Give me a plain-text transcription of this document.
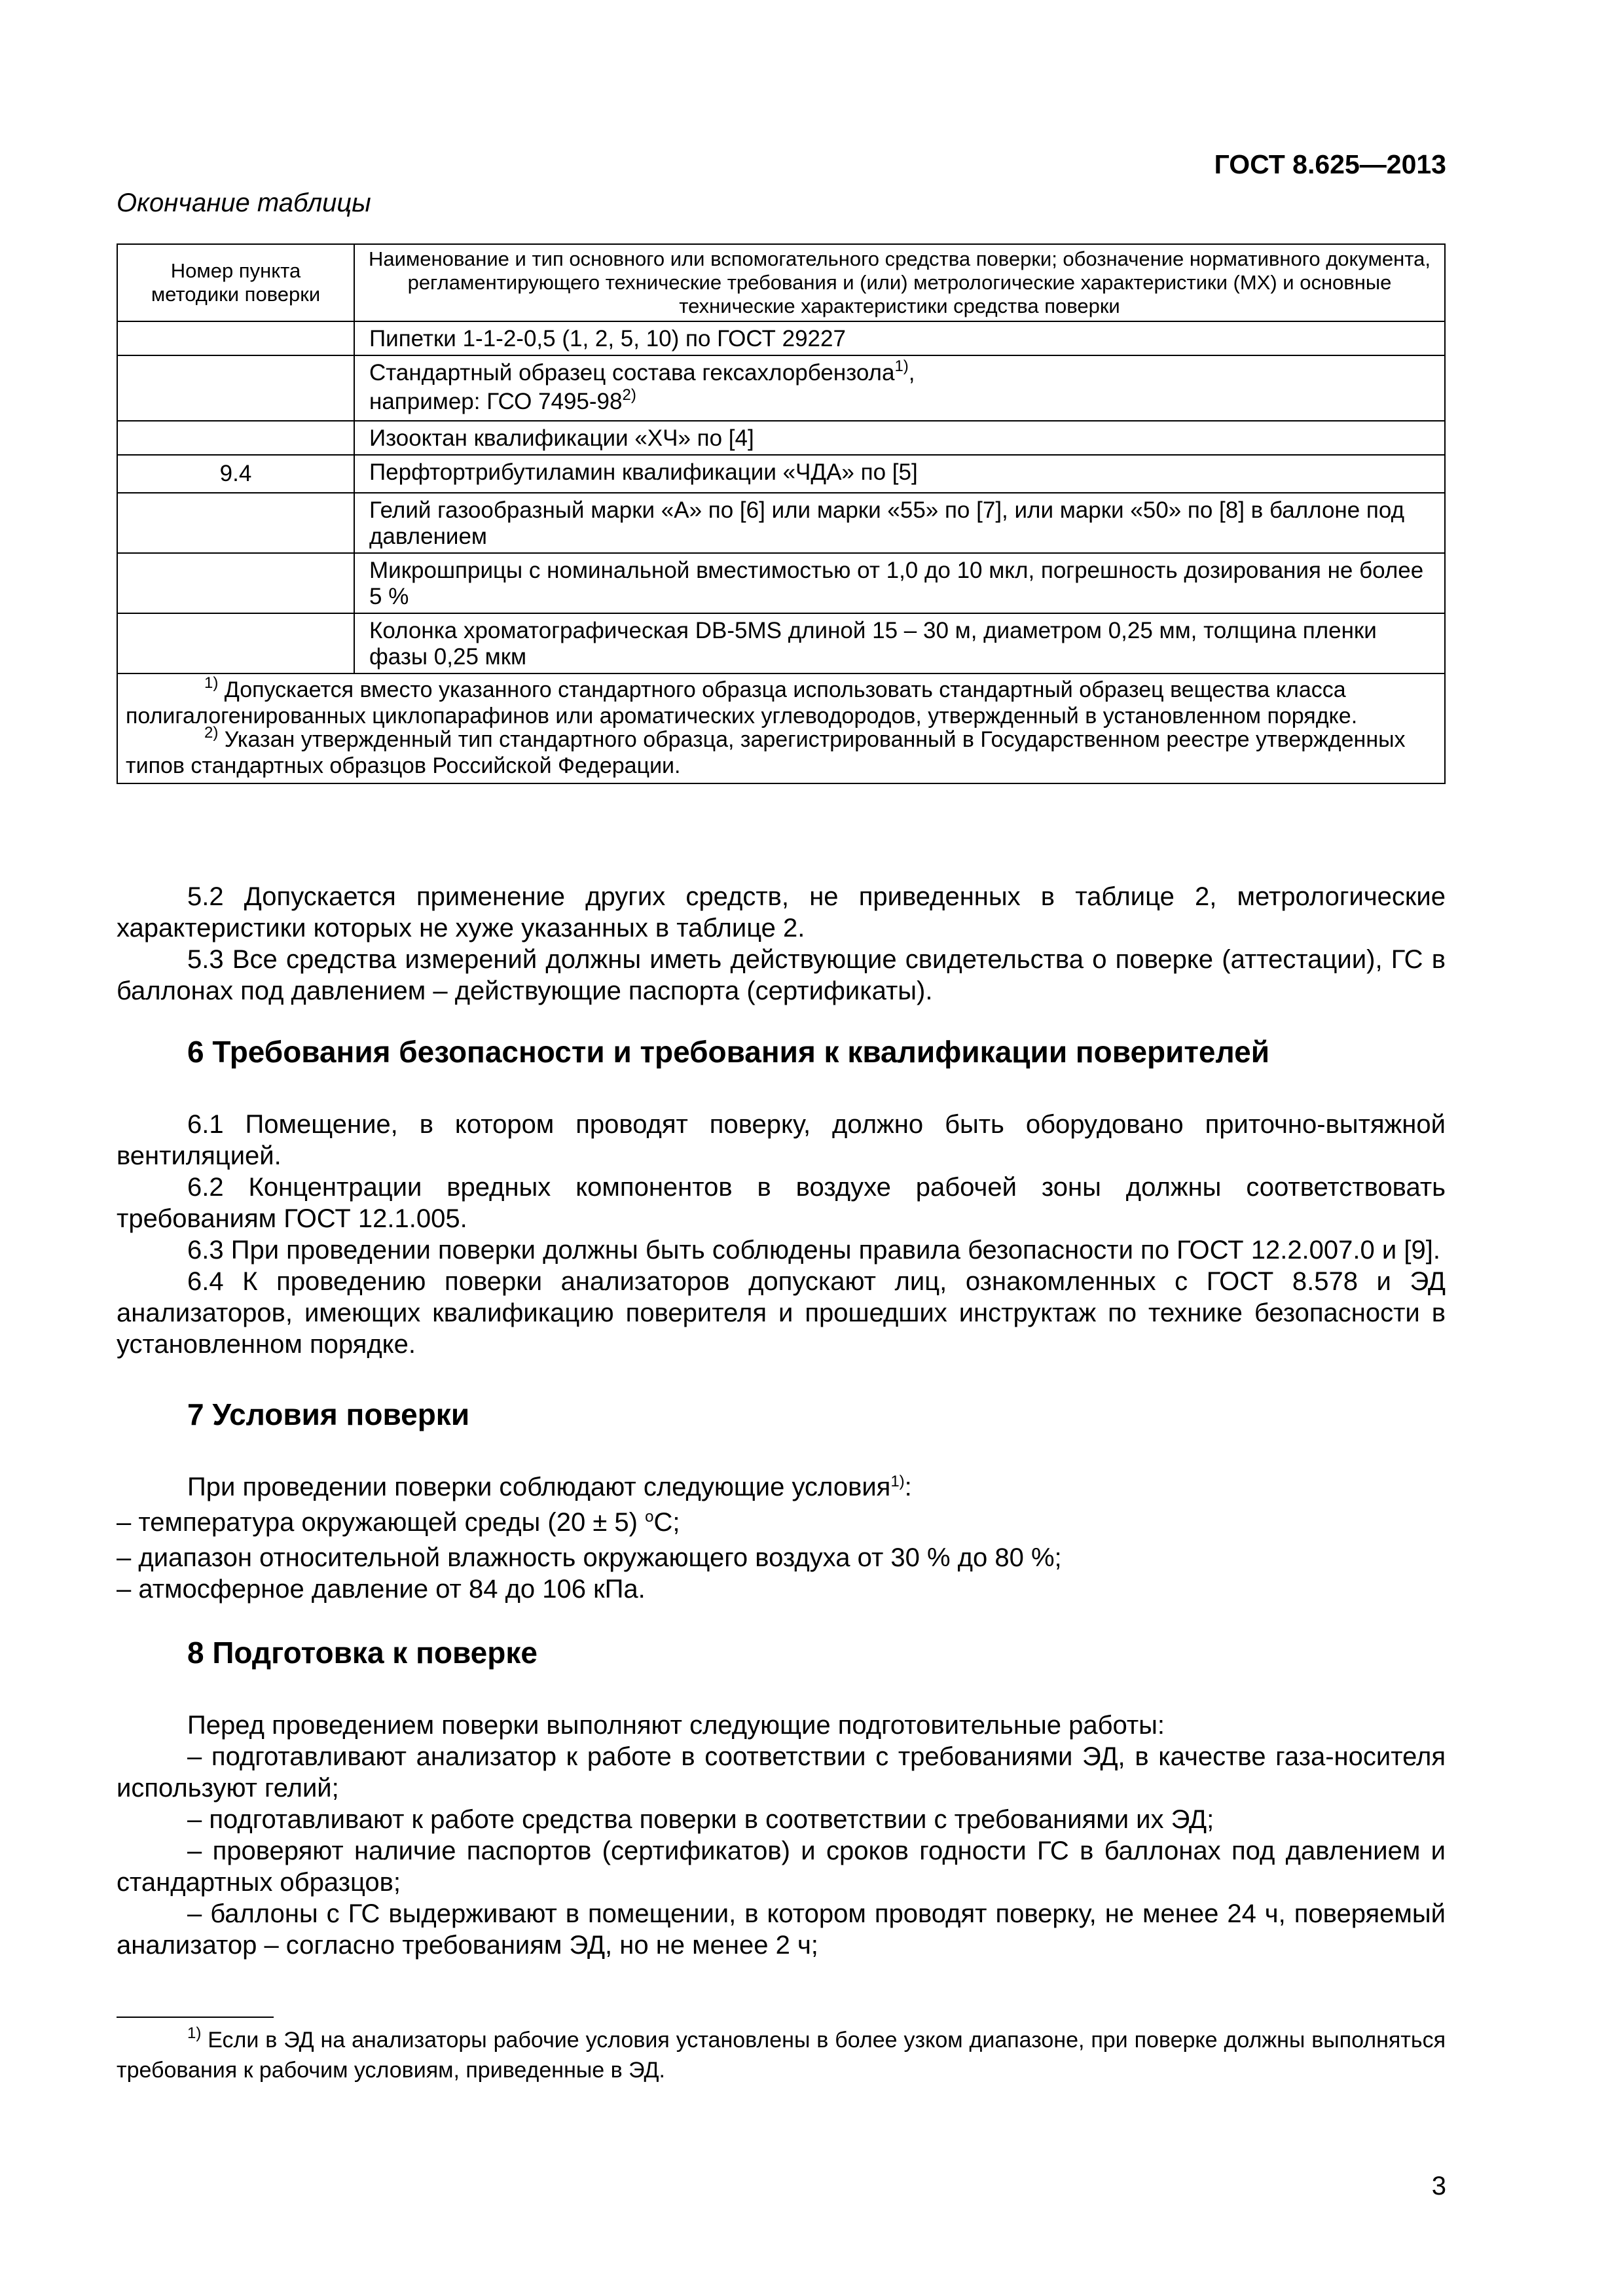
ГОСТ 8.625—2013
Окончание таблицы
Номер пункта методики поверки	Наименование и тип основного или вспомогательного средства поверки; обозначение нормативного документа, регламентирующего технические требования и (или) метрологические характеристики (МХ) и основные технические характеристики средства поверки
	Пипетки 1-1-2-0,5 (1, 2, 5, 10) по ГОСТ 29227
	Стандартный образец состава гексахлорбензола$^{1)}$,
например: ГСО 7495-98$^{2)}$
	Изооктан квалификации «ХЧ» по [4]
9.4	Перфтортрибутиламин квалификации «ЧДА» по [5]
	Гелий газообразный марки «А» по [6] или марки «55» по [7], или марки «50» по [8] в баллоне под давлением
	Микрошприцы с номинальной вместимостью от 1,0 до 10 мкл, погрешность дозирования не более 5 %
	Колонка хроматографическая DB-5MS длиной 15 – 30 м, диаметром 0,25 мм, толщина пленки фазы 0,25 мкм

$^{1)}$ Допускается вместо указанного стандартного образца использовать стандартный образец вещества класса полигалогенированных циклопарафинов или ароматических углеводородов, утвержденный в установленном порядке.
$^{2)}$ Указан утвержденный тип стандартного образца, зарегистрированный в Государственном реестре утвержденных типов стандартных образцов Российской Федерации.	

5.2 Допускается применение других средств, не приведенных в таблице 2, метрологические характеристики которых не хуже указанных в таблице 2.

5.3 Все средства измерений должны иметь действующие свидетельства о поверке (аттестации), ГС в баллонах под давлением – действующие паспорта (сертификаты).

6 Требования безопасности и требования к квалификации поверителей

6.1 Помещение, в котором проводят поверку, должно быть оборудовано приточно-вытяжной вентиляцией.

6.2 Концентрации вредных компонентов в воздухе рабочей зоны должны соответствовать требованиям ГОСТ 12.1.005.

6.3 При проведении поверки должны быть соблюдены правила безопасности по ГОСТ 12.2.007.0 и [9].

6.4 К проведению поверки анализаторов допускают лиц, ознакомленных с ГОСТ 8.578 и ЭД анализаторов, имеющих квалификацию поверителя и прошедших инструктаж по технике безопасности в установленном порядке.

7 Условия поверки

При проведении поверки соблюдают следующие условия$^{1)}$:

– температура окружающей среды (20 ± 5) $^o$С;

– диапазон относительной влажность окружающего воздуха от 30 % до 80 %;

– атмосферное давление от 84 до 106 кПа.

8 Подготовка к поверке

Перед проведением поверки выполняют следующие подготовительные работы:

– подготавливают анализатор к работе в соответствии с требованиями ЭД, в качестве газа-носителя используют гелий;

– подготавливают к работе средства поверки в соответствии с требованиями их ЭД;

– проверяют наличие паспортов (сертификатов) и сроков годности ГС в баллонах под давлением и стандартных образцов;

– баллоны с ГС выдерживают в помещении, в котором проводят поверку, не менее 24 ч, поверяемый анализатор – согласно требованиям ЭД, но не менее 2 ч;

$^{1)}$ Если в ЭД на анализаторы рабочие условия установлены в более узком диапазоне, при поверке должны выполняться требования к рабочим условиям, приведенные в ЭД.
3
